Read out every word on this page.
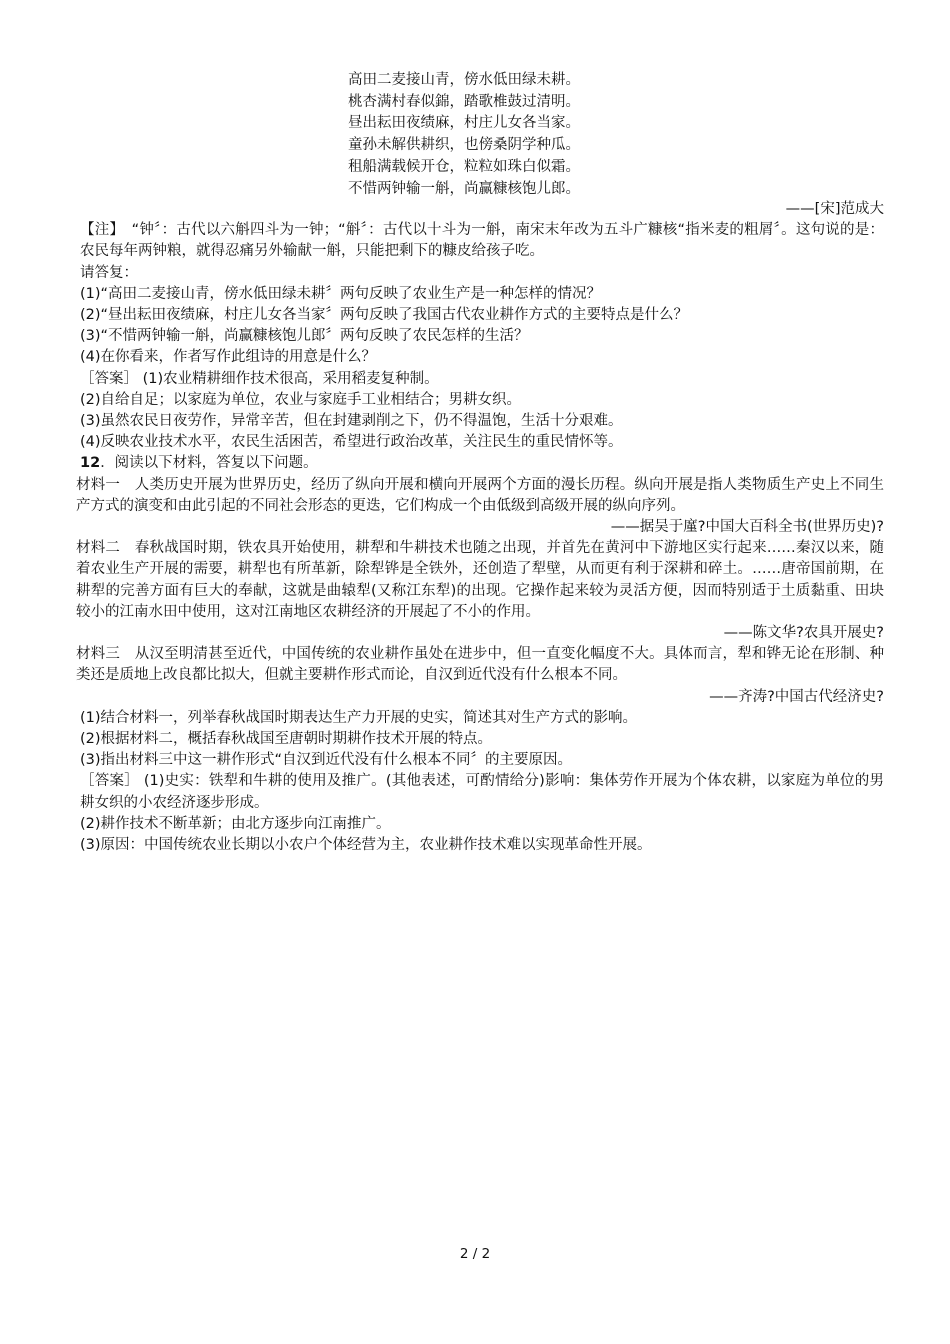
高田二麦接山青，傍水低田绿未耕。
桃杏满村春似錦，踏歌椎鼓过清明。
昼出耘田夜绩麻，村庄儿女各当家。
童孙未解供耕织，也傍桑阴学种瓜。
租船满载候开仓，粒粒如珠白似霜。
不惜两钟输一斛，尚赢糠核饱儿郎。
——[宋]范成大
【注】　“钟〞：古代以六斛四斗为一钟；“斛〞：古代以十斗为一斛，南宋末年改为五斗广糠核“指米麦的粗屑〞。这句说的是：农民每年两钟粮，就得忍痛另外输献一斛，只能把剩下的糠皮给孩子吃。
请答复：
(1)“高田二麦接山青，傍水低田绿未耕〞两句反映了农业生产是一种怎样的情况？
(2)“昼出耘田夜绩麻，村庄儿女各当家〞两句反映了我国古代农业耕作方式的主要特点是什么？
(3)“不惜两钟输一斛，尚赢糠核饱儿郎〞两句反映了农民怎样的生活？
(4)在你看来，作者写作此组诗的用意是什么？
［答案］ (1)农业精耕细作技术很高，采用稻麦复种制。
(2)自给自足；以家庭为单位，农业与家庭手工业相结合；男耕女织。
(3)虽然农民日夜劳作，异常辛苦，但在封建剥削之下，仍不得温饱，生活十分艰难。
(4)反映农业技术水平，农民生活困苦，希望进行政治改革，关注民生的重民情怀等。
12．阅读以下材料，答复以下问题。
材料一　人类历史开展为世界历史，经历了纵向开展和横向开展两个方面的漫长历程。纵向开展是指人类物质生产史上不同生产方式的演变和由此引起的不同社会形态的更迭，它们构成一个由低级到高级开展的纵向序列。
——据吴于廑?中国大百科全书(世界历史)?
材料二　春秋战国时期，铁农具开始使用，耕犁和牛耕技术也随之出现，并首先在黄河中下游地区实行起来……秦汉以来，随着农业生产开展的需要，耕犁也有所革新，除犁铧是全铁外，还创造了犁壁，从而更有利于深耕和碎土。……唐帝国前期，在耕犁的完善方面有巨大的奉献，这就是曲辕犁(又称江东犁)的出现。它操作起来较为灵活方便，因而特别适于土质黏重、田块较小的江南水田中使用，这对江南地区农耕经济的开展起了不小的作用。
——陈文华?农具开展史?
材料三　从汉至明清甚至近代，中国传统的农业耕作虽处在进步中，但一直变化幅度不大。具体而言，犁和铧无论在形制、种类还是质地上改良都比拟大，但就主要耕作形式而论，自汉到近代没有什么根本不同。
——齐涛?中国古代经济史?
(1)结合材料一，列举春秋战国时期表达生产力开展的史实，简述其对生产方式的影响。
(2)根据材料二，概括春秋战国至唐朝时期耕作技术开展的特点。
(3)指出材料三中这一耕作形式“自汉到近代没有什么根本不同〞的主要原因。
［答案］ (1)史实：铁犁和牛耕的使用及推广。(其他表述，可酌情给分)影响：集体劳作开展为个体农耕，以家庭为单位的男耕女织的小农经济逐步形成。
(2)耕作技术不断革新；由北方逐步向江南推广。
(3)原因：中国传统农业长期以小农户个体经营为主，农业耕作技术难以实现革命性开展。
2 / 2
